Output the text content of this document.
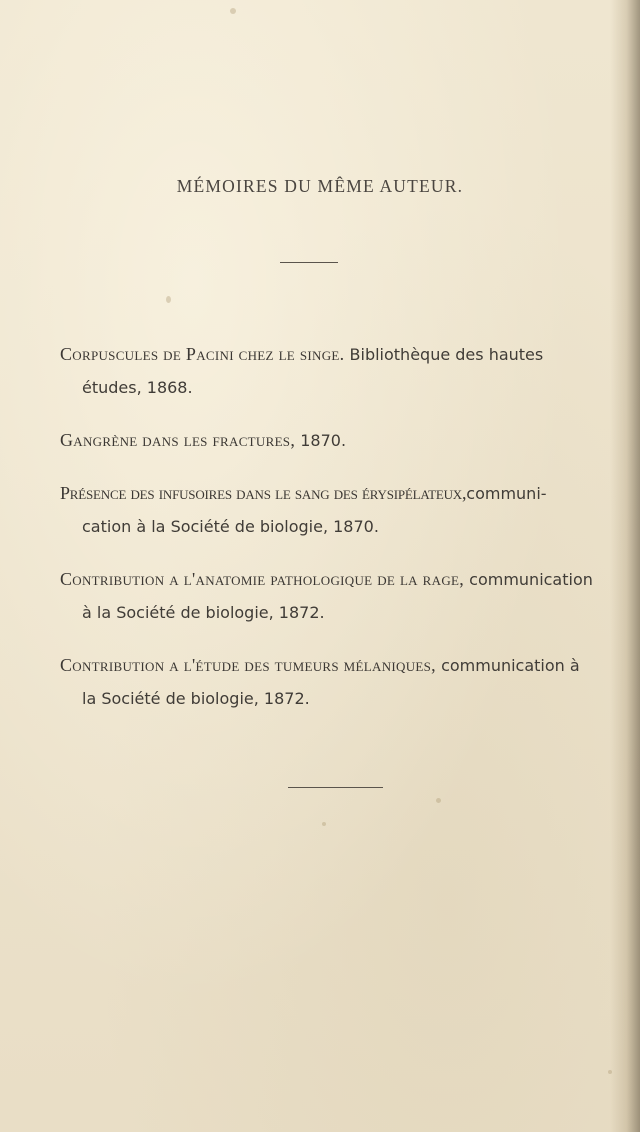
MÉMOIRES DU MÊME AUTEUR.
Corpuscules de Pacini chez le singe. Bibliothèque des hautes
études, 1868.
Gangrène dans les fractures, 1870.
Présence des infusoires dans le sang des érysipélateux,communi-
cation à la Société de biologie, 1870.
Contribution a l'anatomie pathologique de la rage, communication
à la Société de biologie, 1872.
Contribution a l'étude des tumeurs mélaniques, communication à
la Société de biologie, 1872.
